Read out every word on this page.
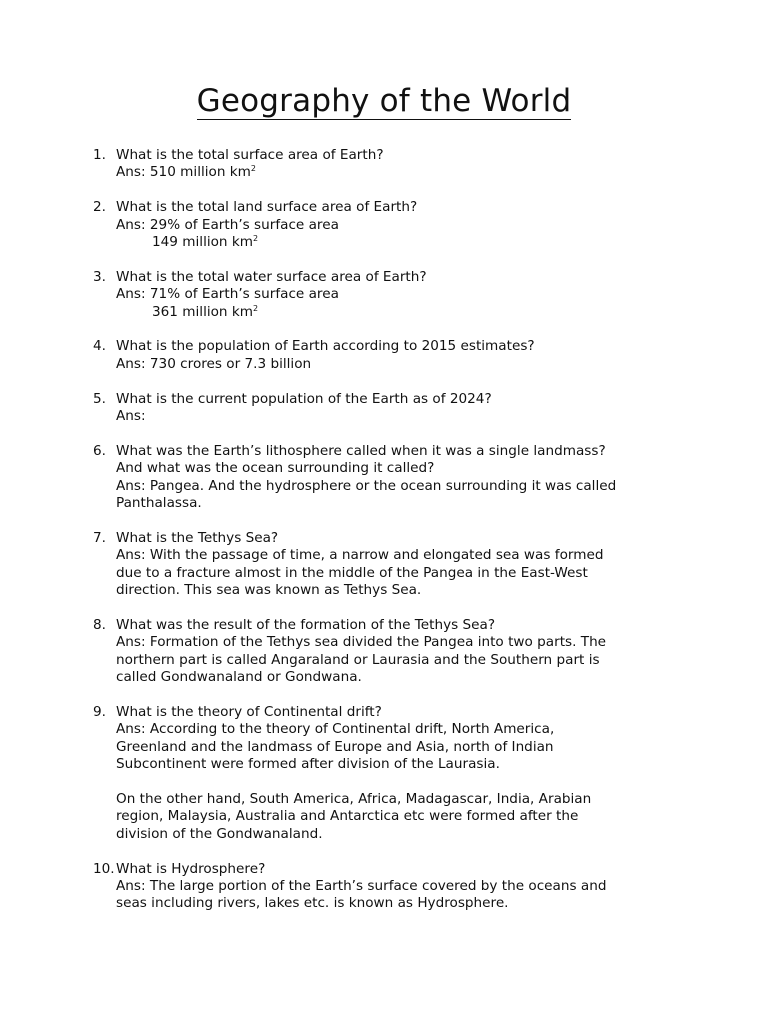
Geography of the World
1. What is the total surface area of Earth?
Ans: 510 million $km^2$
2. What is the total land surface area of Earth?
Ans: 29% of Earth’s surface area
149 million $km^2$
3. What is the total water surface area of Earth?
Ans: 71% of Earth’s surface area
361 million $km^2$
4. What is the population of Earth according to 2015 estimates?
Ans: 730 crores or 7.3 billion
5. What is the current population of the Earth as of 2024?
Ans:
6. What was the Earth’s lithosphere called when it was a single landmass?
And what was the ocean surrounding it called?
Ans: Pangea. And the hydrosphere or the ocean surrounding it was called
Panthalassa.
7. What is the Tethys Sea?
Ans: With the passage of time, a narrow and elongated sea was formed
due to a fracture almost in the middle of the Pangea in the East-West
direction. This sea was known as Tethys Sea.
8. What was the result of the formation of the Tethys Sea?
Ans: Formation of the Tethys sea divided the Pangea into two parts. The
northern part is called Angaraland or Laurasia and the Southern part is
called Gondwanaland or Gondwana.
9. What is the theory of Continental drift?
Ans: According to the theory of Continental drift, North America,
Greenland and the landmass of Europe and Asia, north of Indian
Subcontinent were formed after division of the Laurasia.
On the other hand, South America, Africa, Madagascar, India, Arabian
region, Malaysia, Australia and Antarctica etc were formed after the
division of the Gondwanaland.
10. What is Hydrosphere?
Ans: The large portion of the Earth’s surface covered by the oceans and
seas including rivers, lakes etc. is known as Hydrosphere.
